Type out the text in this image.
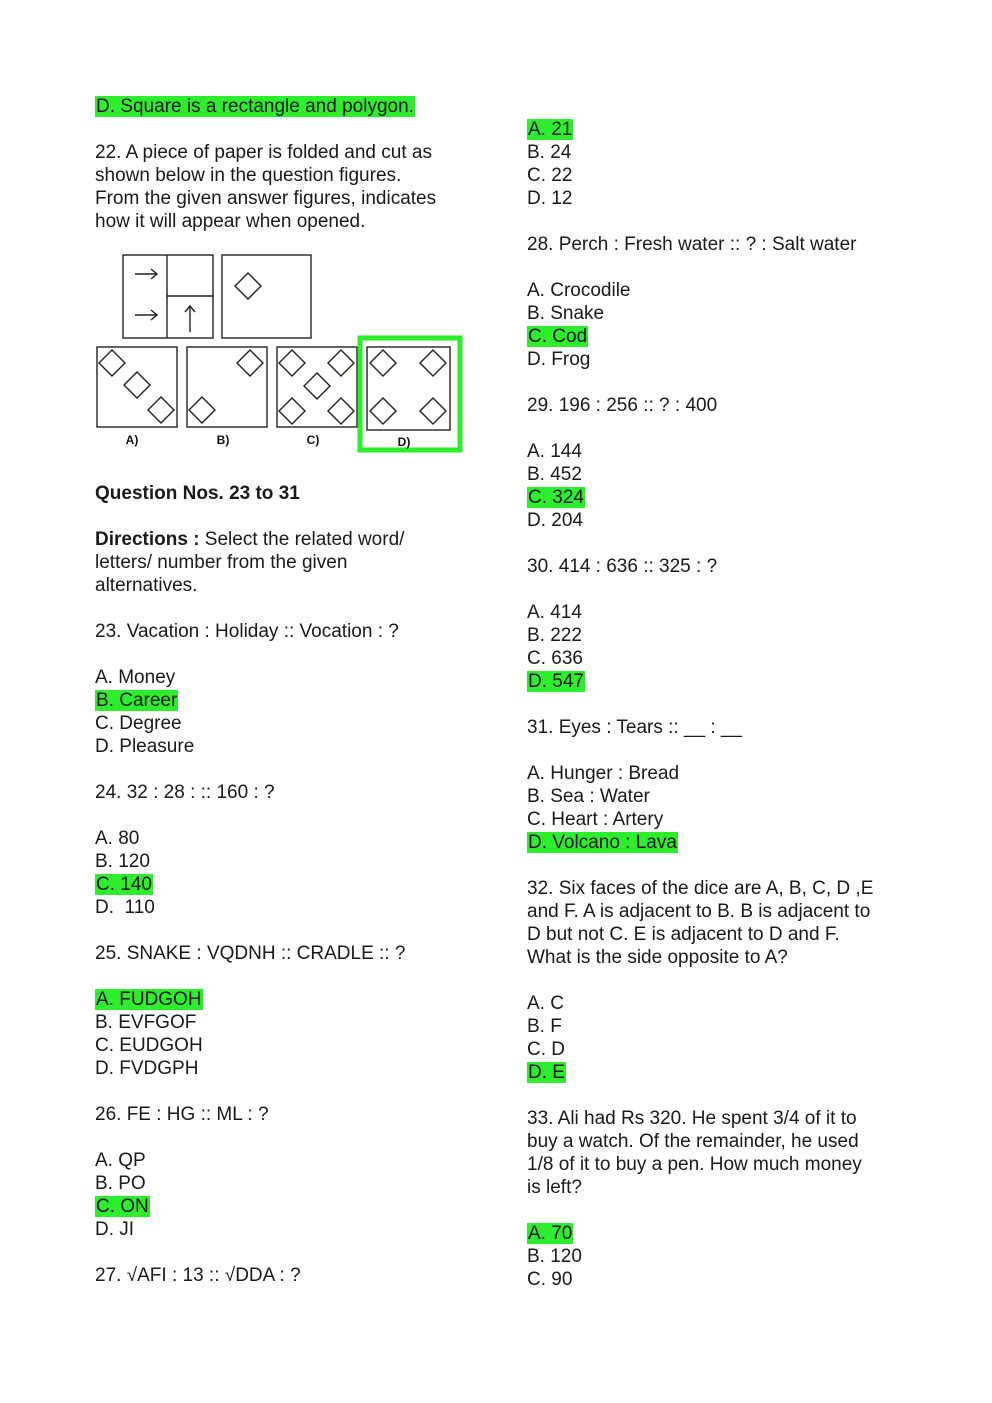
D. Square is a rectangle and polygon.
22. A piece of paper is folded and cut as
shown below in the question figures.
From the given answer figures, indicates
how it will appear when opened.
Question Nos. 23 to 31
Directions : Select the related word/
letters/ number from the given
alternatives.
23. Vacation : Holiday :: Vocation : ?
A. Money
B. Career
C. Degree
D. Pleasure
24. 32 : 28 : :: 160 : ?
A. 80
B. 120
C. 140
D.  110
25. SNAKE : VQDNH :: CRADLE :: ?
A. FUDGOH
B. EVFGOF
C. EUDGOH
D. FVDGPH
26. FE : HG :: ML : ?
A. QP
B. PO
C. ON
D. JI
27. √AFI : 13 :: √DDA : ?
A)	B)	C)	D)
A. 21
B. 24
C. 22
D. 12
28. Perch : Fresh water :: ? : Salt water
A. Crocodile
B. Snake
C. Cod
D. Frog
29. 196 : 256 :: ? : 400
A. 144
B. 452
C. 324
D. 204
30. 414 : 636 :: 325 : ?
A. 414
B. 222
C. 636
D. 547
31. Eyes : Tears :: __ : __
A. Hunger : Bread
B. Sea : Water
C. Heart : Artery
D. Volcano : Lava
32. Six faces of the dice are A, B, C, D ,E
and F. A is adjacent to B. B is adjacent to
D but not C. E is adjacent to D and F.
What is the side opposite to A?
A. C
B. F
C. D
D. E
33. Ali had Rs 320. He spent 3/4 of it to
buy a watch. Of the remainder, he used
1/8 of it to buy a pen. How much money
is left?
A. 70
B. 120
C. 90
